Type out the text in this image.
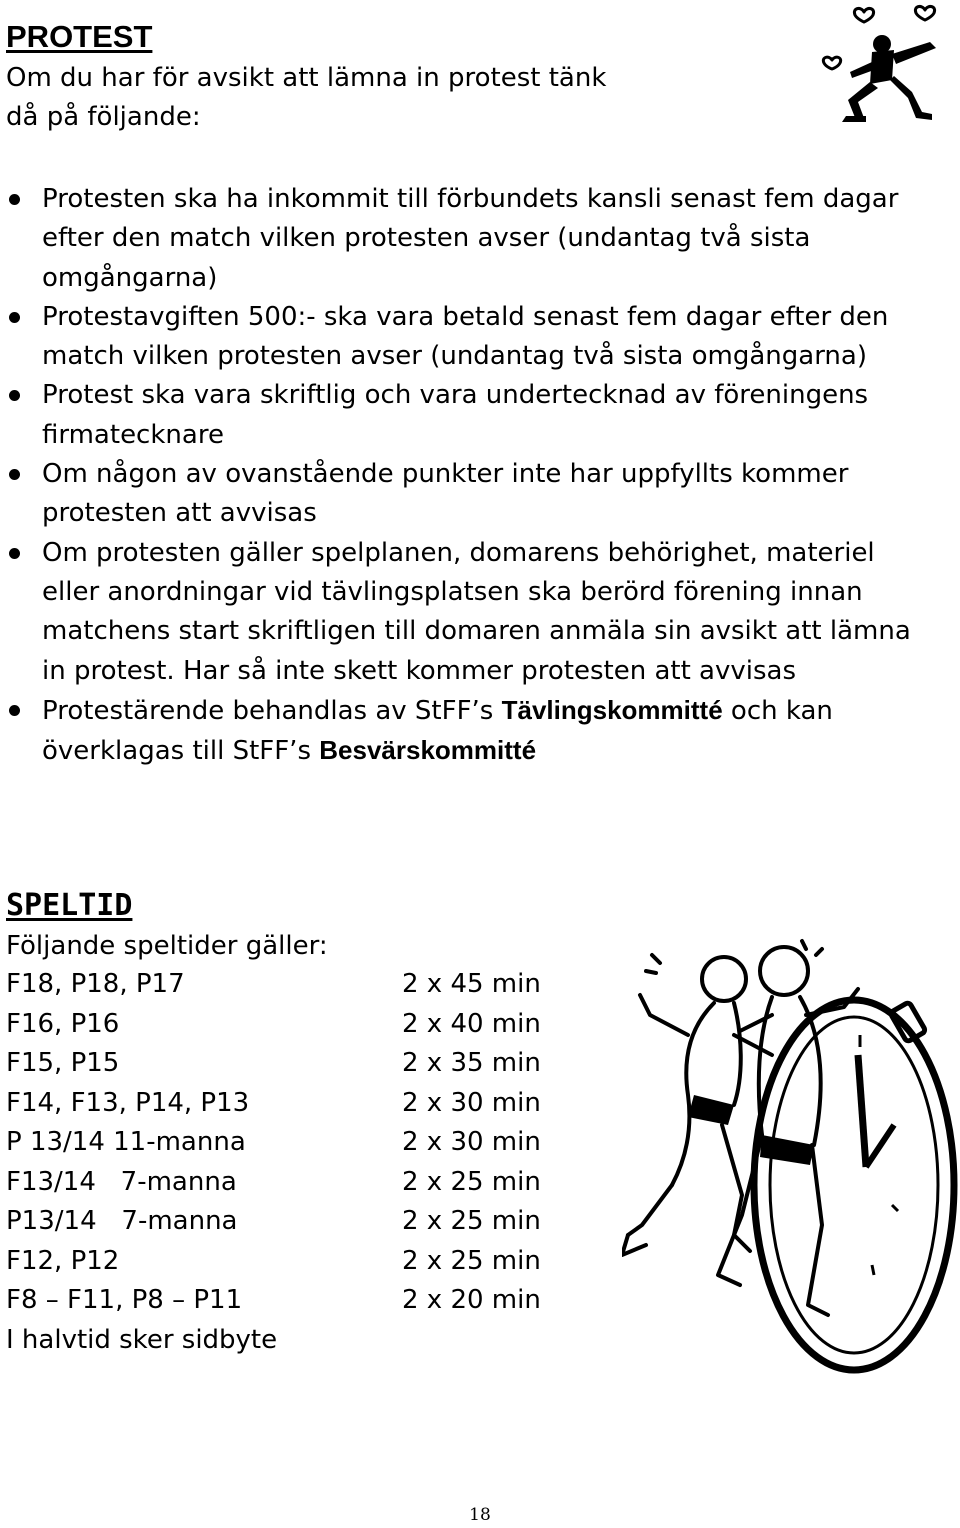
PROTEST

Om du har för avsikt att lämna in protest tänk

då på följande:

Protesten ska ha inkommit till förbundets kansli senast fem dagar efter den match vilken protesten avser (undantag två sista omgångarna)
Protestavgiften 500:- ska vara betald senast fem dagar efter den match vilken protesten avser (undantag två sista omgångarna)
Protest ska vara skriftlig och vara undertecknad av föreningens firmatecknare
Om någon av ovanstående punkter inte har uppfyllts kommer protesten att avvisas
Om protesten gäller spelplanen, domarens behörighet, materiel eller anordningar vid tävlingsplatsen ska berörd förening innan matchens start skriftligen till domaren anmäla sin avsikt att lämna in protest. Har så inte skett kommer protesten att avvisas
Protestärende behandlas av StFF’s Tävlingskommitté och kan överklagas till StFF’s Besvärskommitté
SPELTID

Följande speltider gäller:

F18, P18, P17	2 x 45 min
F16, P16	2 x 40 min
F15, P15	2 x 35 min
F14, F13, P14, P13	2 x 30 min
P 13/14 11-manna	2 x 30 min
F13/14   7-manna	2 x 25 min
P13/14   7-manna	2 x 25 min
F12, P12	2 x 25 min
F8 – F11, P8 – P11	2 x 20 min

I halvtid sker sidbyte

18
